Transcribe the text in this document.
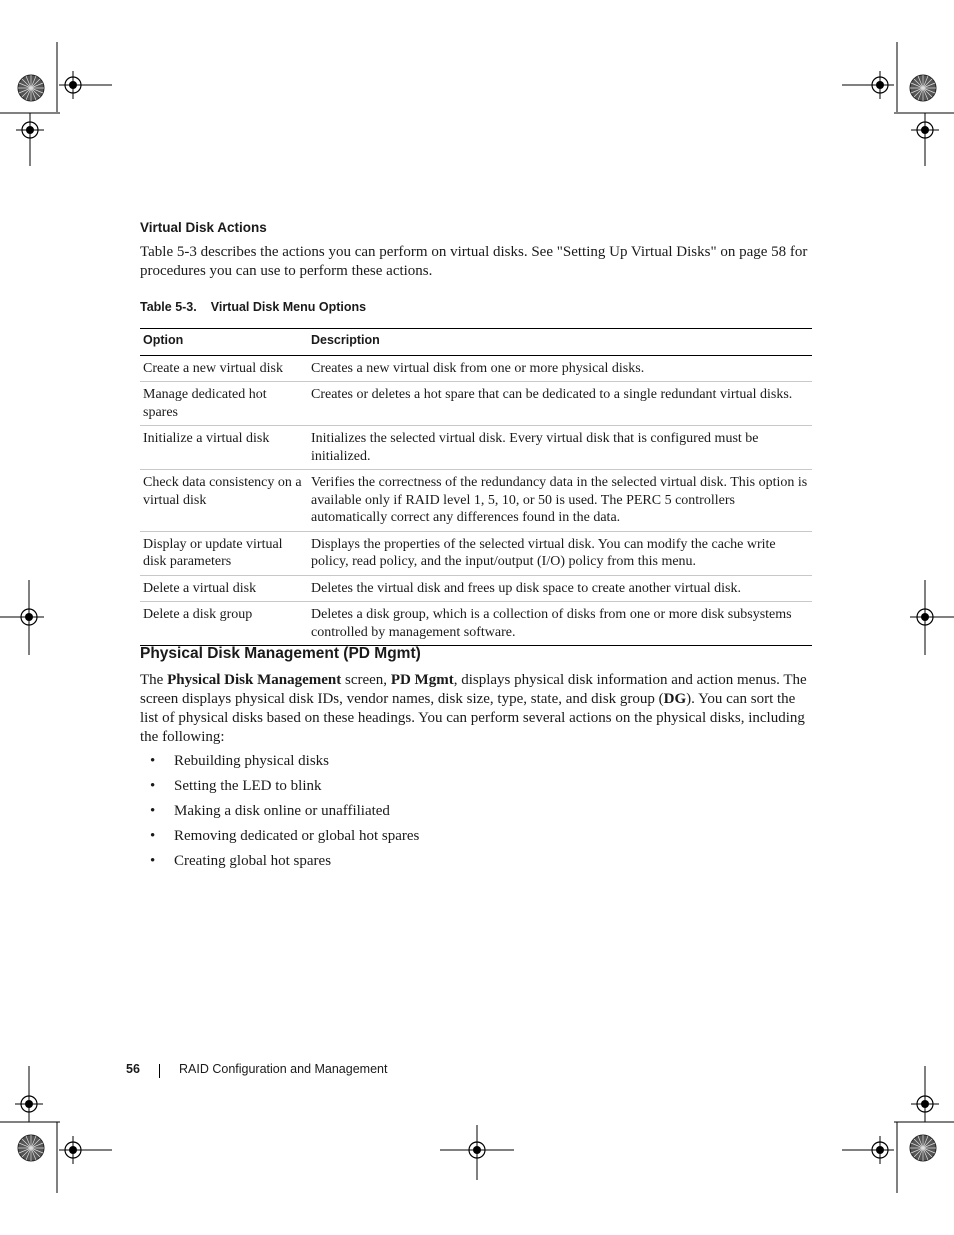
Virtual Disk Actions
Table 5-3 describes the actions you can perform on virtual disks. See "Setting Up Virtual Disks" on page 58 for procedures you can use to perform these actions.
Table 5-3. Virtual Disk Menu Options
Option	Description
Create a new virtual disk	Creates a new virtual disk from one or more physical disks.
Manage dedicated hot spares	Creates or deletes a hot spare that can be dedicated to a single redundant virtual disks.
Initialize a virtual disk	Initializes the selected virtual disk. Every virtual disk that is configured must be initialized.
Check data consistency on a virtual disk	Verifies the correctness of the redundancy data in the selected virtual disk. This option is available only if RAID level 1, 5, 10, or 50 is used. The PERC 5 controllers automatically correct any differences found in the data.
Display or update virtual disk parameters	Displays the properties of the selected virtual disk. You can modify the cache write policy, read policy, and the input/output (I/O) policy from this menu.
Delete a virtual disk	Deletes the virtual disk and frees up disk space to create another virtual disk.
Delete a disk group	Deletes a disk group, which is a collection of disks from one or more disk subsystems controlled by management software.
Physical Disk Management (PD Mgmt)
The Physical Disk Management screen, PD Mgmt, displays physical disk information and action menus. The screen displays physical disk IDs, vendor names, disk size, type, state, and disk group (DG). You can sort the list of physical disks based on these headings. You can perform several actions on the physical disks, including the following:
• Rebuilding physical disks
• Setting the LED to blink
• Making a disk online or unaffiliated
• Removing dedicated or global hot spares
• Creating global hot spares
56	RAID Configuration and Management
